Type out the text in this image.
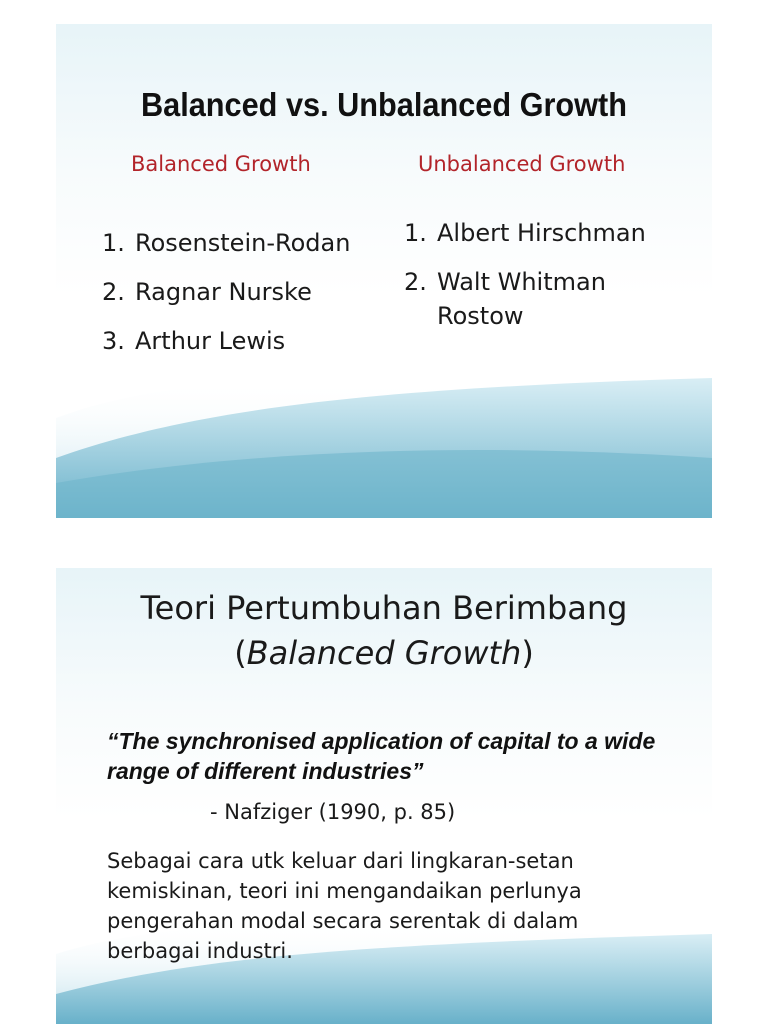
Balanced vs. Unbalanced Growth
Balanced Growth	Unbalanced Growth
1. Rosenstein-Rodan
2. Ragnar Nurske
3. Arthur Lewis
1. Albert Hirschman
2. Walt Whitman Rostow
Teori Pertumbuhan Berimbang
(Balanced Growth)
“The synchronised application of capital to a wide range of different industries”
- Nafziger (1990, p. 85)
Sebagai cara utk keluar dari lingkaran-setan kemiskinan, teori ini mengandaikan perlunya pengerahan modal secara serentak di dalam berbagai industri.
